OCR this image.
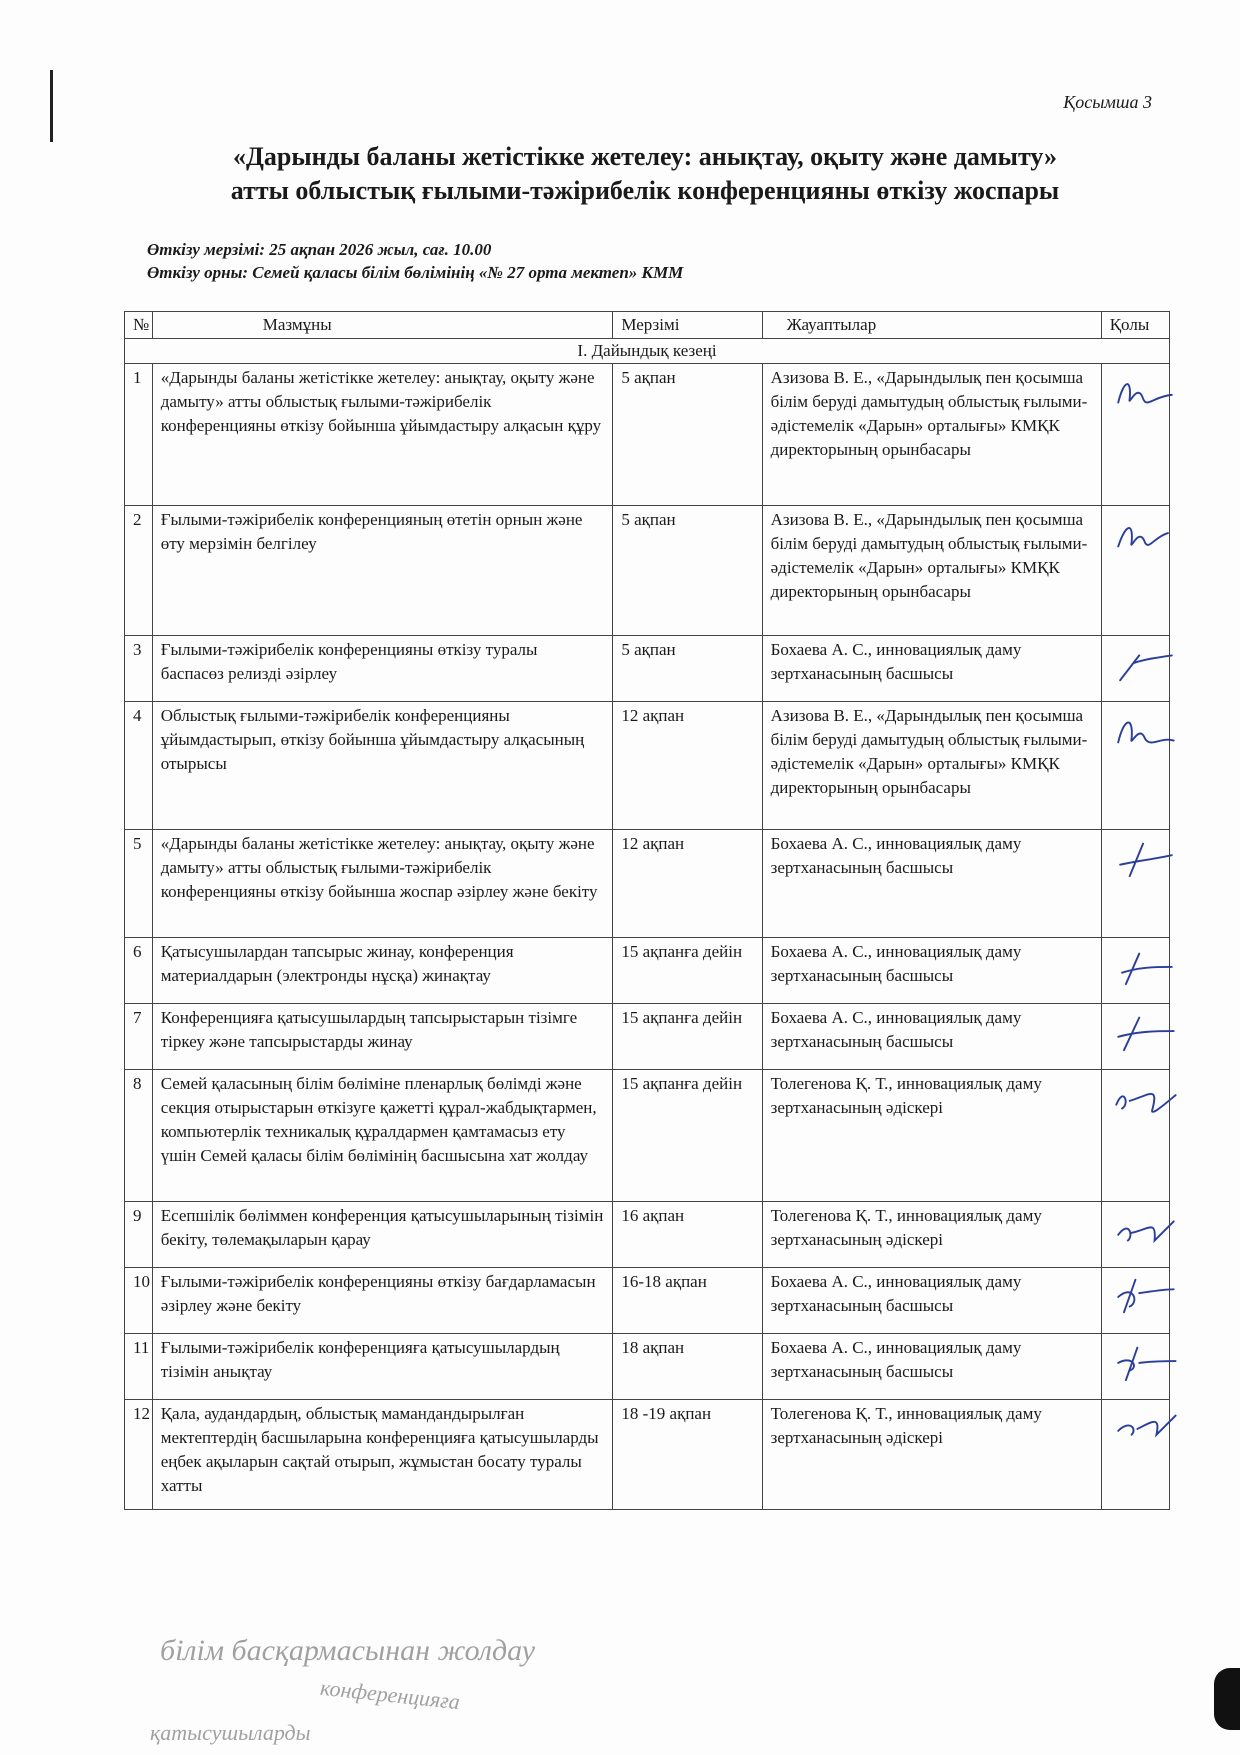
Қосымша 3
«Дарынды баланы жетістікке жетелеу: анықтау, оқыту және дамыту»
атты облыстық ғылыми-тәжірибелік конференцияны өткізу жоспары
Өткізу мерзімі: 25 ақпан 2026 жыл, сағ. 10.00
Өткізу орны: Семей қаласы білім бөлімінің «№ 27 орта мектеп» КММ
№	Мазмұны	Мерзімі	Жауаптылар	Қолы
I. Дайындық кезеңі				
1	«Дарынды баланы жетістікке жетелеу: анықтау, оқыту және дамыту» атты облыстық ғылыми-тәжірибелік конференцияны өткізу бойынша ұйымдастыру алқасын құру	5 ақпан	Азизова В. Е., «Дарындылық пен қосымша білім беруді дамытудың облыстық ғылыми-әдістемелік «Дарын» орталығы» КМҚК директорының орынбасары	

2	Ғылыми-тәжірибелік конференцияның өтетін орнын және өту мерзімін белгілеу	5 ақпан	Азизова В. Е., «Дарындылық пен қосымша білім беруді дамытудың облыстық ғылыми-әдістемелік «Дарын» орталығы» КМҚК директорының орынбасары	

3	Ғылыми-тәжірибелік конференцияны өткізу туралы баспасөз релизді әзірлеу	5 ақпан	Бохаева А. С., инновациялық даму зертханасының басшысы	

4	Облыстық ғылыми-тәжірибелік конференцияны ұйымдастырып, өткізу бойынша ұйымдастыру алқасының отырысы	12 ақпан	Азизова В. Е., «Дарындылық пен қосымша білім беруді дамытудың облыстық ғылыми-әдістемелік «Дарын» орталығы» КМҚК директорының орынбасары	

5	«Дарынды баланы жетістікке жетелеу: анықтау, оқыту және дамыту» атты облыстық ғылыми-тәжірибелік конференцияны өткізу бойынша жоспар әзірлеу және бекіту	12 ақпан	Бохаева А. С., инновациялық даму зертханасының басшысы	

6	Қатысушылардан тапсырыс жинау, конференция материалдарын (электронды нұсқа) жинақтау	15 ақпанға дейін	Бохаева А. С., инновациялық даму зертханасының басшысы	

7	Конференцияға қатысушылардың тапсырыстарын тізімге тіркеу және тапсырыстарды жинау	15 ақпанға дейін	Бохаева А. С., инновациялық даму зертханасының басшысы	

8	Семей қаласының білім бөліміне пленарлық бөлімді және секция отырыстарын өткізуге қажетті құрал-жабдықтармен, компьютерлік техникалық құралдармен қамтамасыз ету үшін Семей қаласы білім бөлімінің басшысына хат жолдау	15 ақпанға дейін	Толегенова Қ. Т., инновациялық даму зертханасының әдіскері	

9	Есепшілік бөліммен конференция қатысушыларының тізімін бекіту, төлемақыларын қарау	16 ақпан	Толегенова Қ. Т., инновациялық даму зертханасының әдіскері	

10	Ғылыми-тәжірибелік конференцияны өткізу бағдарламасын әзірлеу және бекіту	16-18 ақпан	Бохаева А. С., инновациялық даму зертханасының басшысы	

11	Ғылыми-тәжірибелік конференцияға қатысушылардың тізімін анықтау	18 ақпан	Бохаева А. С., инновациялық даму зертханасының басшысы	

12	Қала, аудандардың, облыстық мамандандырылған мектептердің басшыларына конференцияға қатысушыларды еңбек ақыларын сақтай отырып, жұмыстан босату туралы хатты	18 -19 ақпан	Толегенова Қ. Т., инновациялық даму зертханасының әдіскері	
білім басқармасынан жолдау
конференцияға
қатысушыларды
